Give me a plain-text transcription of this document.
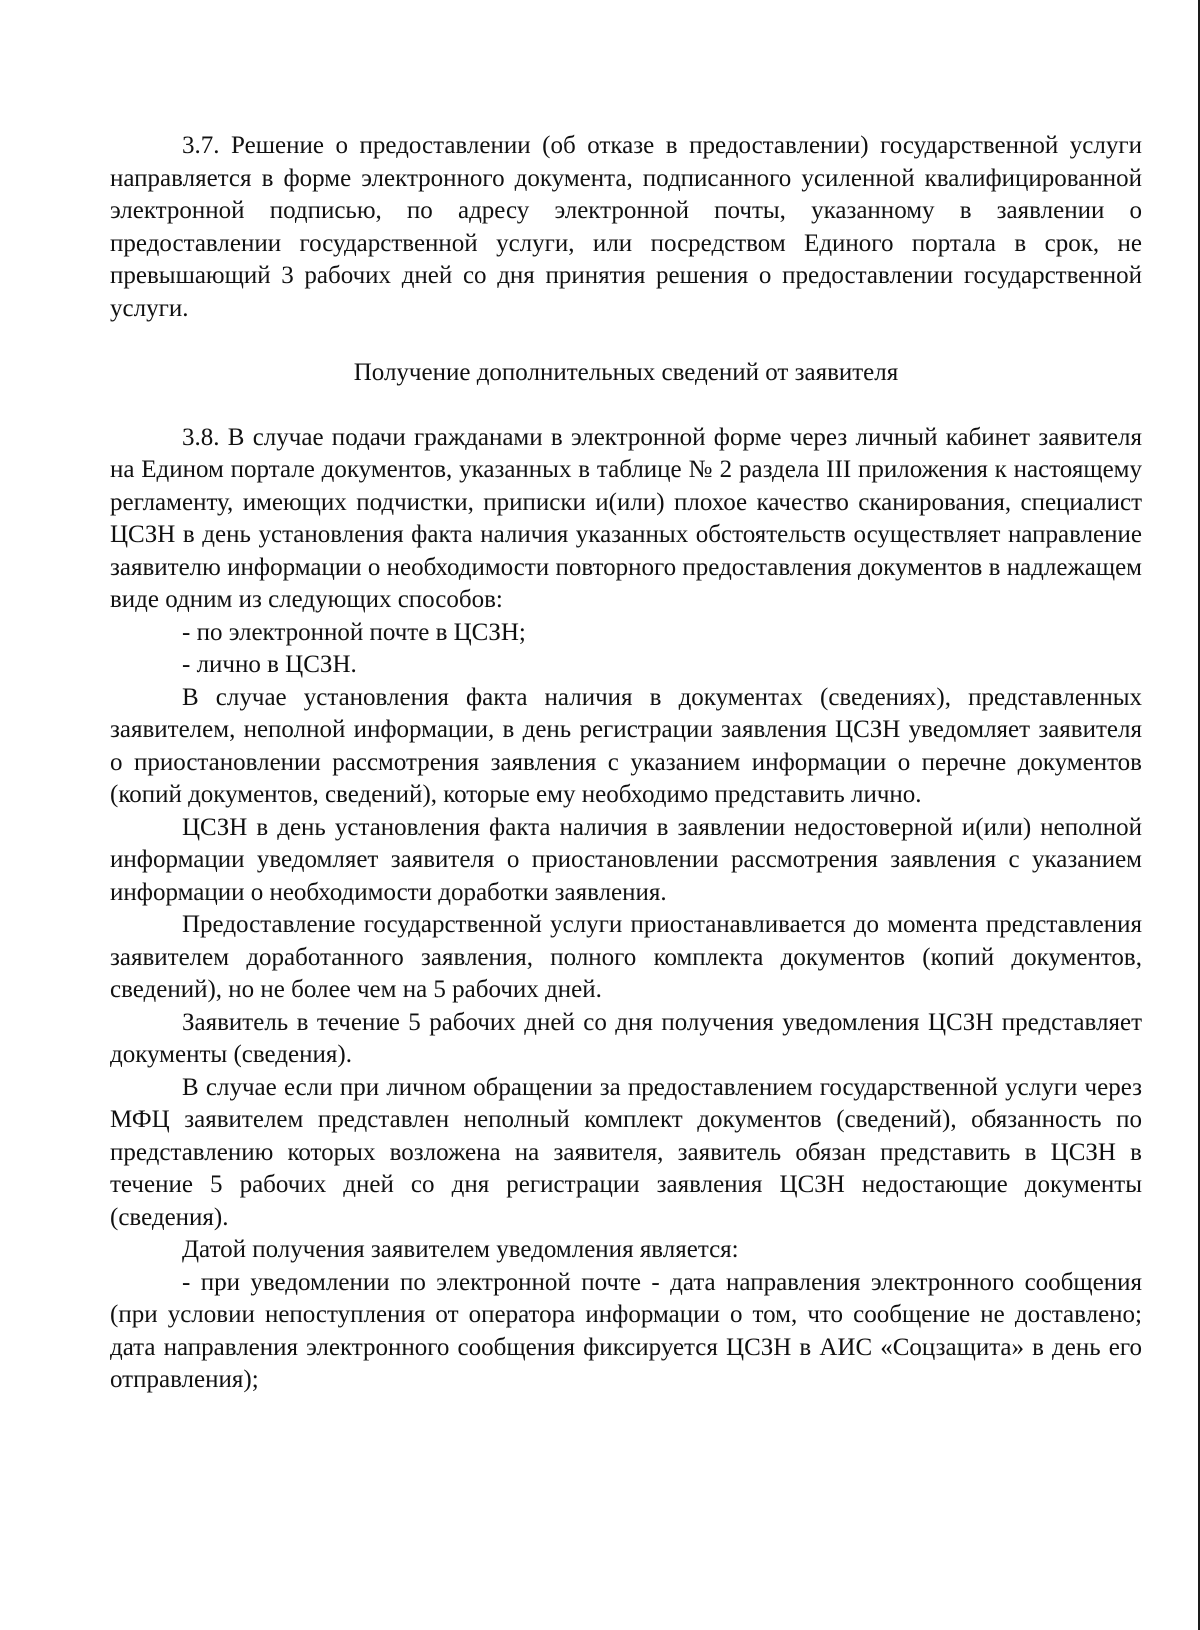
3.7. Решение о предоставлении (об отказе в предоставлении) государственной услуги направляется в форме электронного документа, подписанного усиленной квалифицированной электронной подписью, по адресу электронной почты, указанному в заявлении о предоставлении государственной услуги, или посредством Единого портала в срок, не превышающий 3 рабочих дней со дня принятия решения о предоставлении государственной услуги.

Получение дополнительных сведений от заявителя

3.8. В случае подачи гражданами в электронной форме через личный кабинет заявителя на Едином портале документов, указанных в таблице № 2 раздела III приложения к настоящему регламенту, имеющих подчистки, приписки и(или) плохое качество сканирования, специалист ЦСЗН в день установления факта наличия указанных обстоятельств осуществляет направление заявителю информации о необходимости повторного предоставления документов в надлежащем виде одним из следующих способов:

- по электронной почте в ЦСЗН;

- лично в ЦСЗН.

В случае установления факта наличия в документах (сведениях), представленных заявителем, неполной информации, в день регистрации заявления ЦСЗН уведомляет заявителя о приостановлении рассмотрения заявления с указанием информации о перечне документов (копий документов, сведений), которые ему необходимо представить лично.

ЦСЗН в день установления факта наличия в заявлении недостоверной и(или) неполной информации уведомляет заявителя о приостановлении рассмотрения заявления с указанием информации о необходимости доработки заявления.

Предоставление государственной услуги приостанавливается до момента представления заявителем доработанного заявления, полного комплекта документов (копий документов, сведений), но не более чем на 5 рабочих дней.

Заявитель в течение 5 рабочих дней со дня получения уведомления ЦСЗН представляет документы (сведения).

В случае если при личном обращении за предоставлением государственной услуги через МФЦ заявителем представлен неполный комплект документов (сведений), обязанность по представлению которых возложена на заявителя, заявитель обязан представить в ЦСЗН в течение 5 рабочих дней со дня регистрации заявления ЦСЗН недостающие документы (сведения).

Датой получения заявителем уведомления является:

- при уведомлении по электронной почте - дата направления электронного сообщения (при условии непоступления от оператора информации о том, что сообщение не доставлено; дата направления электронного сообщения фиксируется ЦСЗН в АИС «Соцзащита» в день его отправления);
